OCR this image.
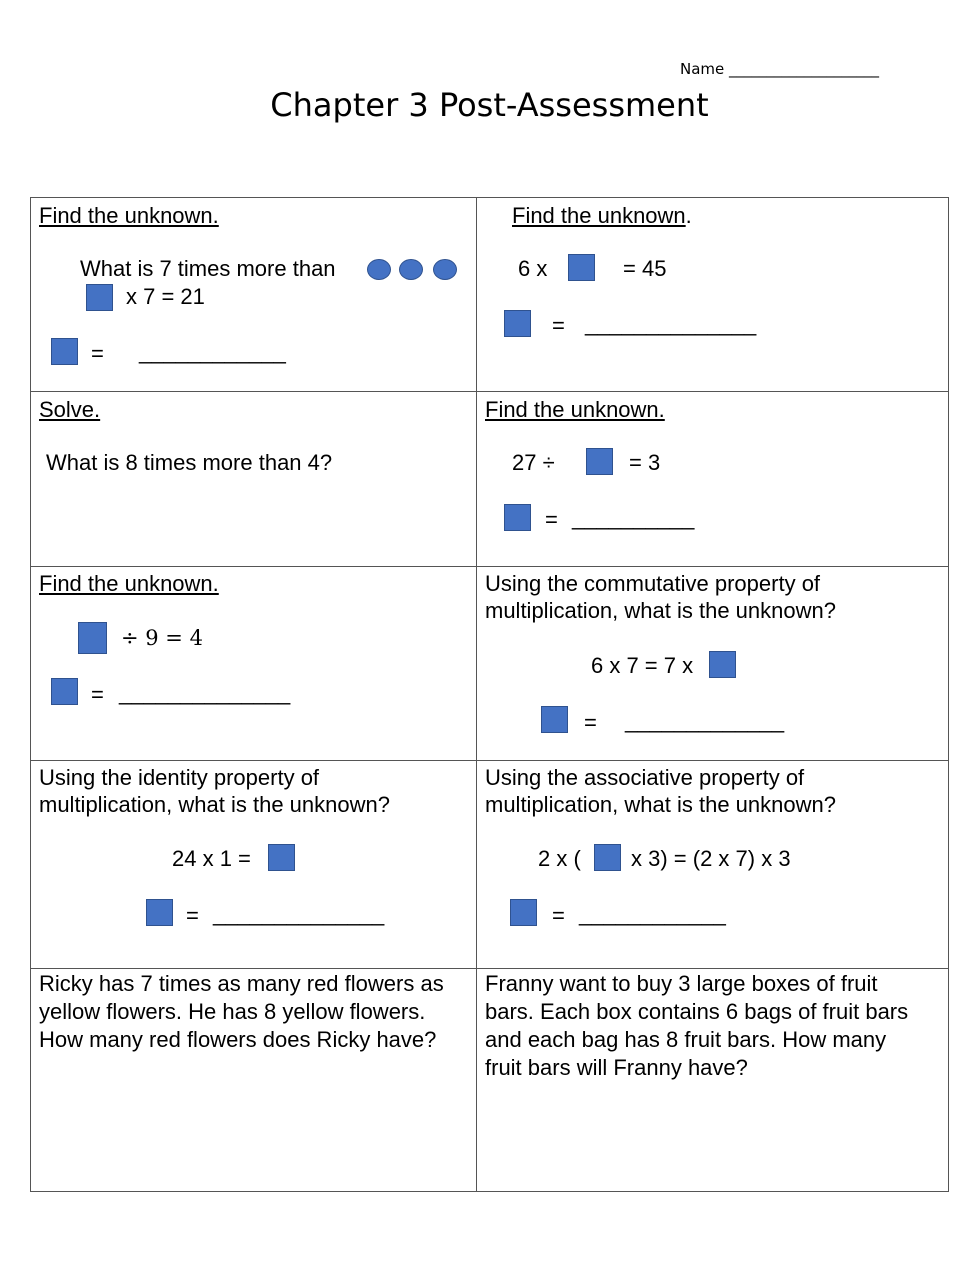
Name ____________________
Chapter 3 Post-Assessment
Find the unknown.
What is 7 times more than
x 7 = 21
= ____________
Find the unknown.
6 x	= 45
= ______________
Solve.
What is 8 times more than 4?
Find the unknown.
27 ÷	= 3
= __________
Find the unknown.
÷ 9 = 4
= ______________
Using the commutative property of
multiplication, what is the unknown?
6 x 7 = 7 x
= _____________
Using the identity property of
multiplication, what is the unknown?
24 x 1 =
= ______________
Using the associative property of
multiplication, what is the unknown?
2 x ( x 3) = (2 x 7) x 3
= ____________
Ricky has 7 times as many red flowers as yellow flowers. He has 8 yellow flowers. How many red flowers does Ricky have?
Franny want to buy 3 large boxes of fruit bars. Each box contains 6 bags of fruit bars and each bag has 8 fruit bars. How many fruit bars will Franny have?
